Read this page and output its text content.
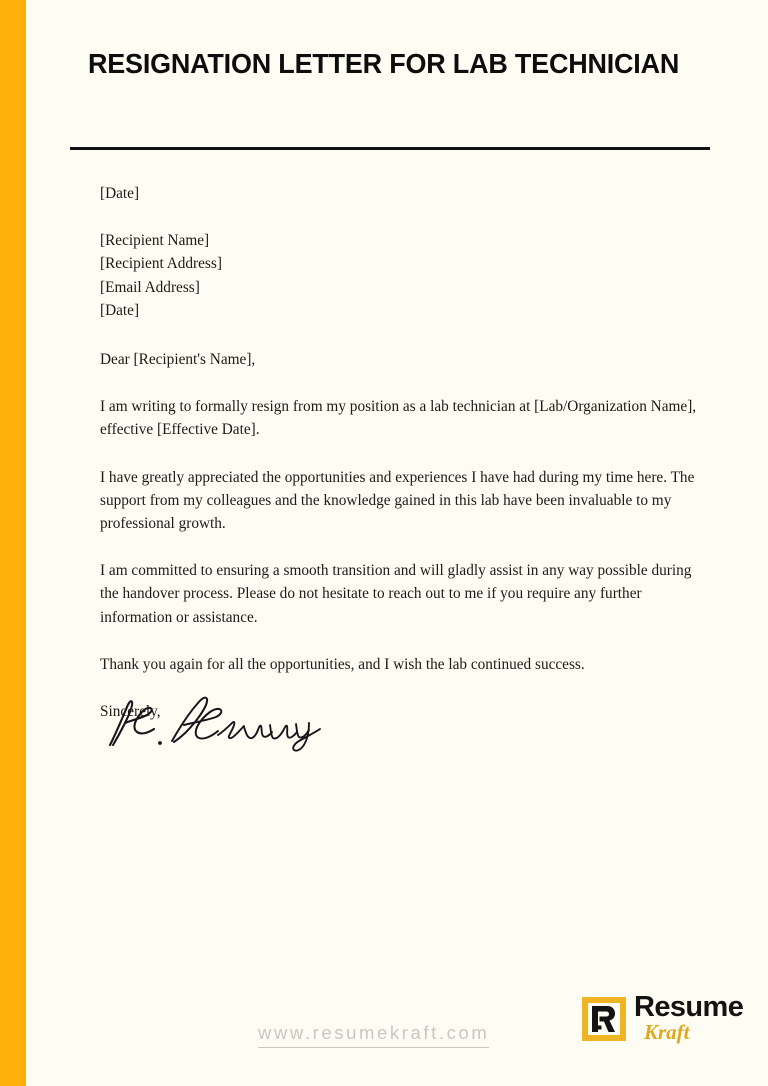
RESIGNATION LETTER FOR LAB TECHNICIAN
[Date]
[Recipient Name]
[Recipient Address]
[Email Address]
[Date]
Dear [Recipient's Name],

I am writing to formally resign from my position as a lab technician at [Lab/Organization Name], effective [Effective Date].

I have greatly appreciated the opportunities and experiences I have had during my time here. The support from my colleagues and the knowledge gained in this lab have been invaluable to my professional growth.

I am committed to ensuring a smooth transition and will gladly assist in any way possible during the handover process. Please do not hesitate to reach out to me if you require any further information or assistance.

Thank you again for all the opportunities, and I wish the lab continued success.

Sincerely,
www.resumekraft.com
Resume
Kraft
